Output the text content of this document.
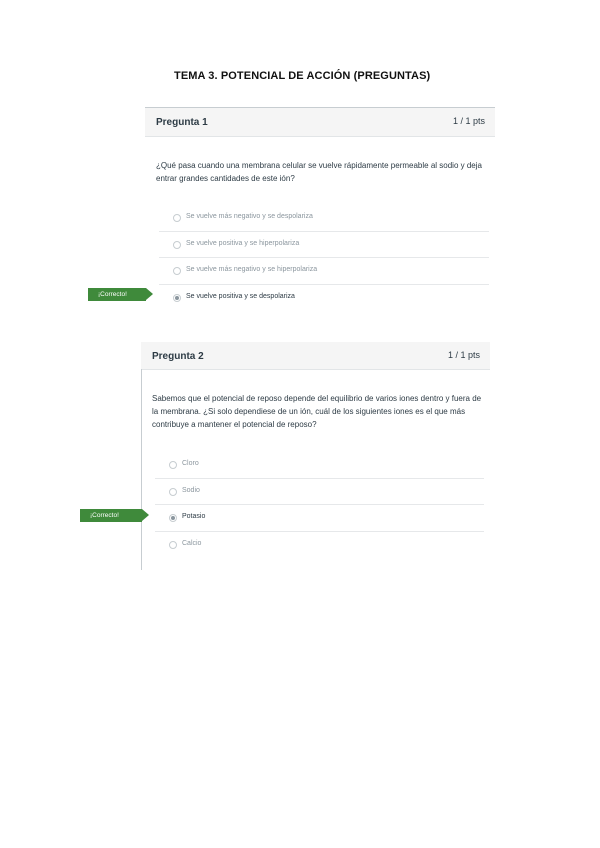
TEMA 3. POTENCIAL DE ACCIÓN (PREGUNTAS)
Pregunta 1	1 / 1 pts
¿Qué pasa cuando una membrana celular se vuelve rápidamente permeable al sodio y deja entrar grandes cantidades de este ión?
Se vuelve más negativo y se despolariza
Se vuelve positiva y se hiperpolariza
Se vuelve más negativo y se hiperpolariza
Se vuelve positiva y se despolariza
¡Correcto!
Pregunta 2	1 / 1 pts
Sabemos que el potencial de reposo depende del equilibrio de varios iones dentro y fuera de la membrana. ¿Si solo dependiese de un ión, cuál de los siguientes iones es el que más contribuye a mantener el potencial de reposo?
Cloro
Sodio
Potasio
Calcio
¡Correcto!
